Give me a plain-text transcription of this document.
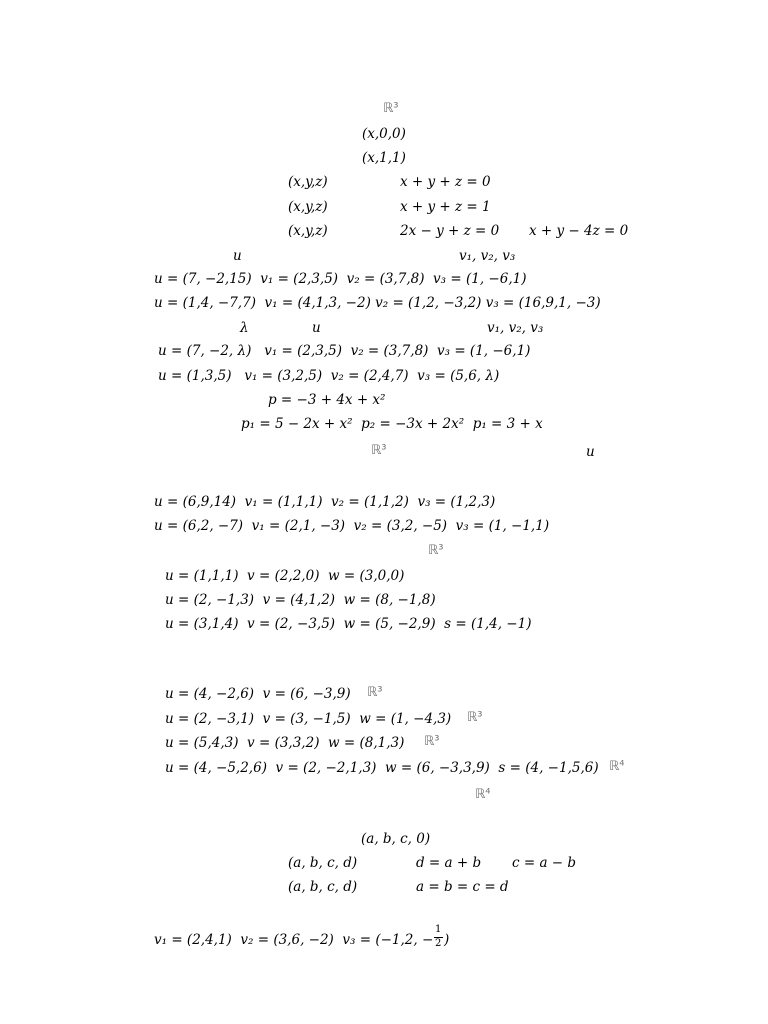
ℝ³
(x,0,0)
(x,1,1)
(x,y,z)	x + y + z = 0
(x,y,z)	x + y + z = 1
(x,y,z)	2x − y + z = 0 x + y − 4z = 0
u	v₁, v₂, v₃
u = (7, −2,15)  v₁ = (2,3,5)  v₂ = (3,7,8)  v₃ = (1, −6,1)
u = (1,4, −7,7)  v₁ = (4,1,3, −2) v₂ = (1,2, −3,2) v₃ = (16,9,1, −3)
λ	u	v₁, v₂, v₃
u = (7, −2, λ)   v₁ = (2,3,5)  v₂ = (3,7,8)  v₃ = (1, −6,1)
u = (1,3,5)   v₁ = (3,2,5)  v₂ = (2,4,7)  v₃ = (5,6, λ)
p = −3 + 4x + x²
p₁ = 5 − 2x + x²  p₂ = −3x + 2x²  p₁ = 3 + x
ℝ³	u
u = (6,9,14)  v₁ = (1,1,1)  v₂ = (1,1,2)  v₃ = (1,2,3)
u = (6,2, −7)  v₁ = (2,1, −3)  v₂ = (3,2, −5)  v₃ = (1, −1,1)
ℝ³
u = (1,1,1)  v = (2,2,0)  w = (3,0,0)
u = (2, −1,3)  v = (4,1,2)  w = (8, −1,8)
u = (3,1,4)  v = (2, −3,5)  w = (5, −2,9)  s = (1,4, −1)
u = (4, −2,6)  v = (6, −3,9) ℝ³
u = (2, −3,1)  v = (3, −1,5)  w = (1, −4,3) ℝ³
u = (5,4,3)  v = (3,3,2)  w = (8,1,3) ℝ³
u = (4, −5,2,6)  v = (2, −2,1,3)  w = (6, −3,3,9)  s = (4, −1,5,6) ℝ⁴
ℝ⁴
(a, b, c, 0)
(a, b, c, d)	d = a + b c = a − b
(a, b, c, d)	a = b = c = d
v₁ = (2,4,1)  v₂ = (3,6, −2)  v₃ = (−1,2, −
1
2 )
